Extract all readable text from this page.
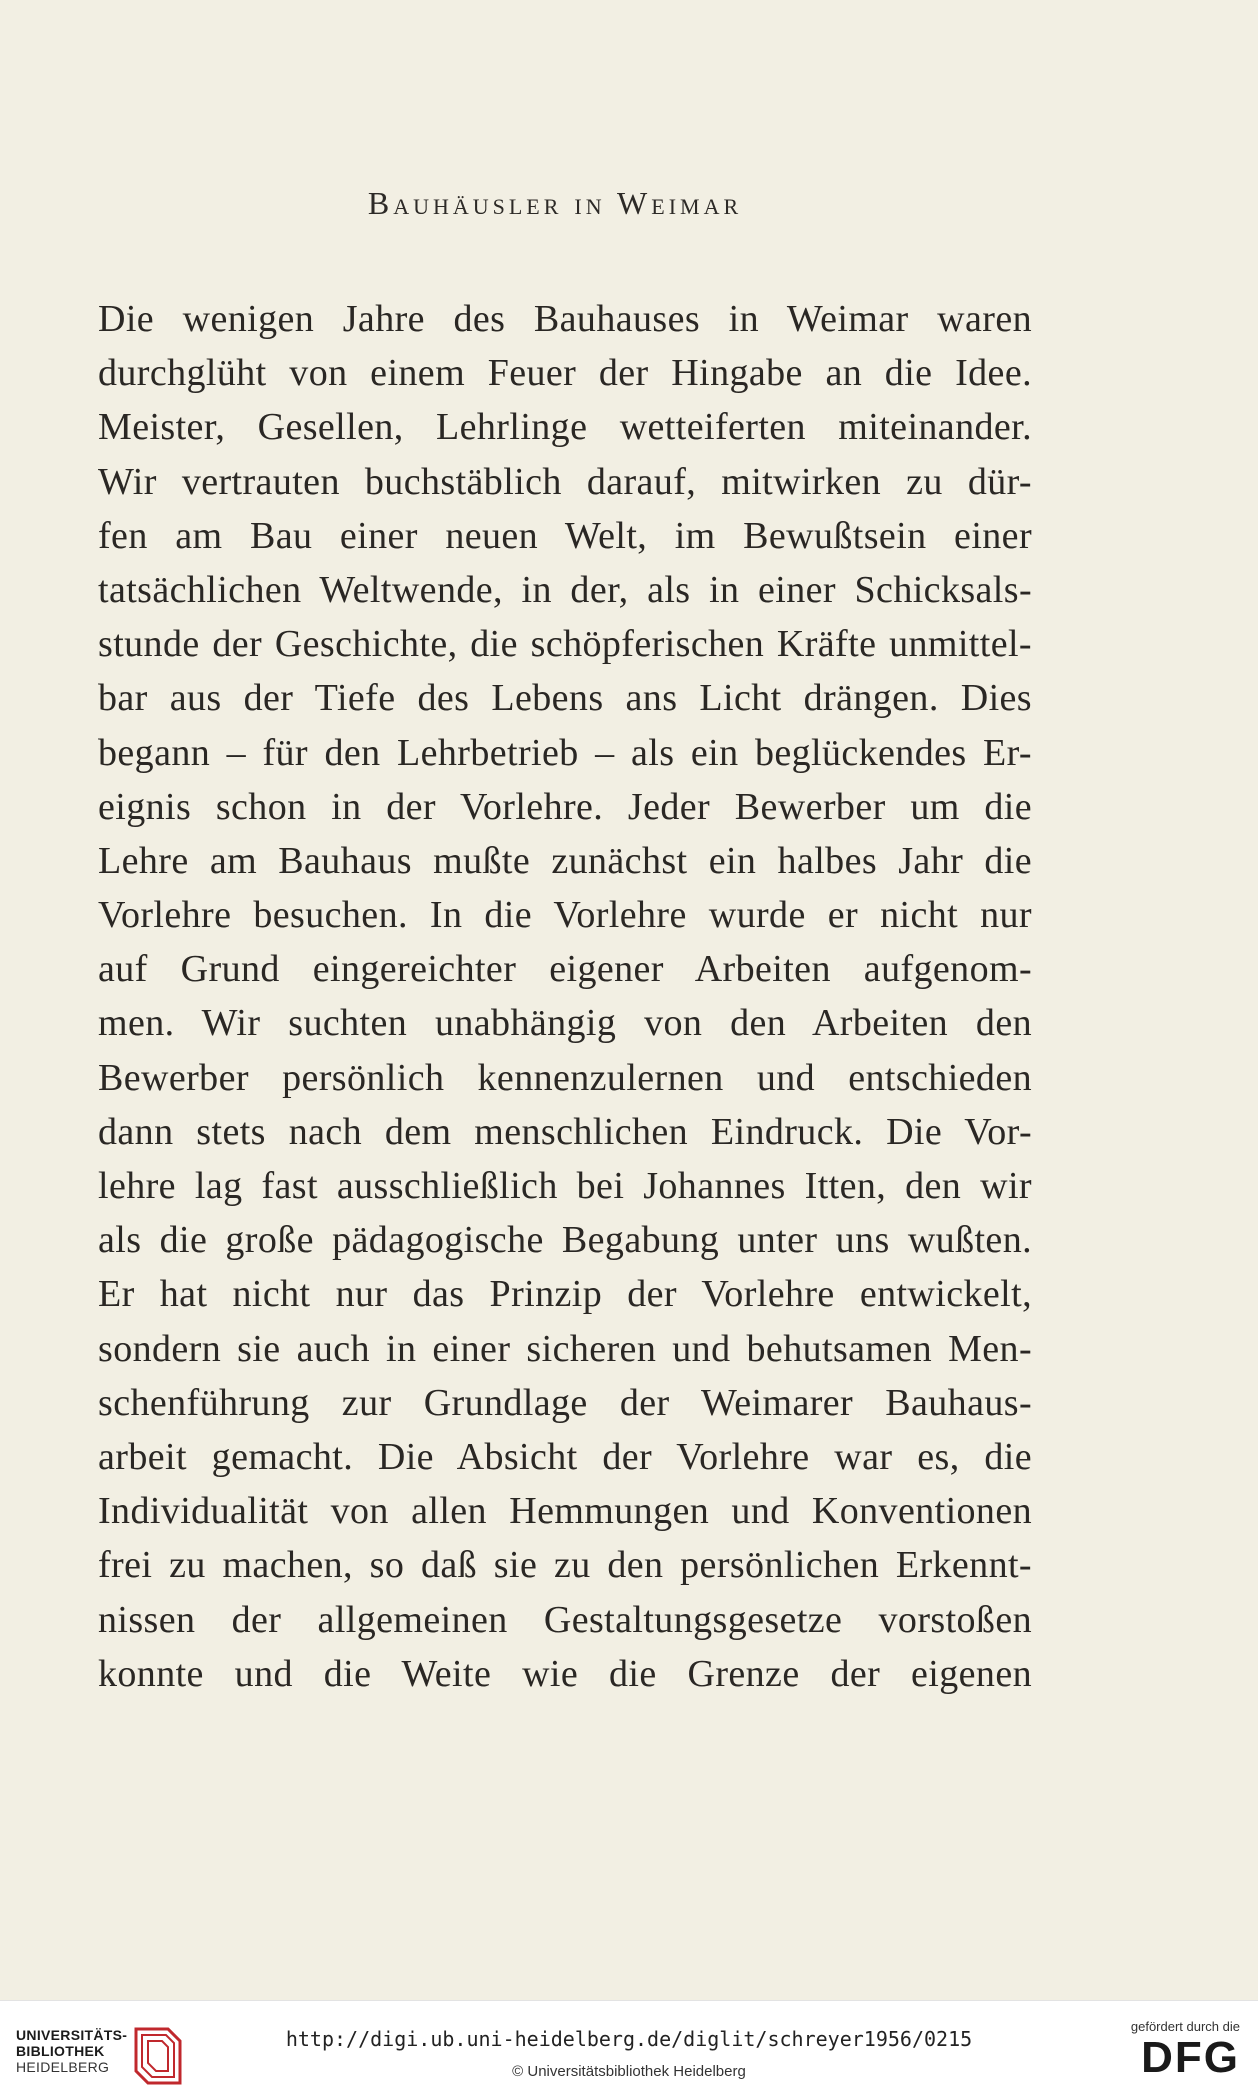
Bauhäusler in Weimar
Die wenigen Jahre des Bauhauses in Weimar waren
durchglüht von einem Feuer der Hingabe an die Idee.
Meister, Gesellen, Lehrlinge wetteiferten miteinander.
Wir vertrauten buchstäblich darauf, mitwirken zu dür-
fen am Bau einer neuen Welt, im Bewußtsein einer
tatsächlichen Weltwende, in der, als in einer Schicksals-
stunde der Geschichte, die schöpferischen Kräfte unmittel-
bar aus der Tiefe des Lebens ans Licht drängen. Dies
begann – für den Lehrbetrieb – als ein beglückendes Er-
eignis schon in der Vorlehre. Jeder Bewerber um die
Lehre am Bauhaus mußte zunächst ein halbes Jahr die
Vorlehre besuchen. In die Vorlehre wurde er nicht nur
auf Grund eingereichter eigener Arbeiten aufgenom-
men. Wir suchten unabhängig von den Arbeiten den
Bewerber persönlich kennenzulernen und entschieden
dann stets nach dem menschlichen Eindruck. Die Vor-
lehre lag fast ausschließlich bei Johannes Itten, den wir
als die große pädagogische Begabung unter uns wußten.
Er hat nicht nur das Prinzip der Vorlehre entwickelt,
sondern sie auch in einer sicheren und behutsamen Men-
schenführung zur Grundlage der Weimarer Bauhaus-
arbeit gemacht. Die Absicht der Vorlehre war es, die
Individualität von allen Hemmungen und Konventionen
frei zu machen, so daß sie zu den persönlichen Erkennt-
nissen der allgemeinen Gestaltungsgesetze vorstoßen
konnte und die Weite wie die Grenze der eigenen
UNIVERSITÄTS-
BIBLIOTHEK
HEIDELBERG
http://digi.ub.uni-heidelberg.de/diglit/schreyer1956/0215
© Universitätsbibliothek Heidelberg
gefördert durch die
DFG
